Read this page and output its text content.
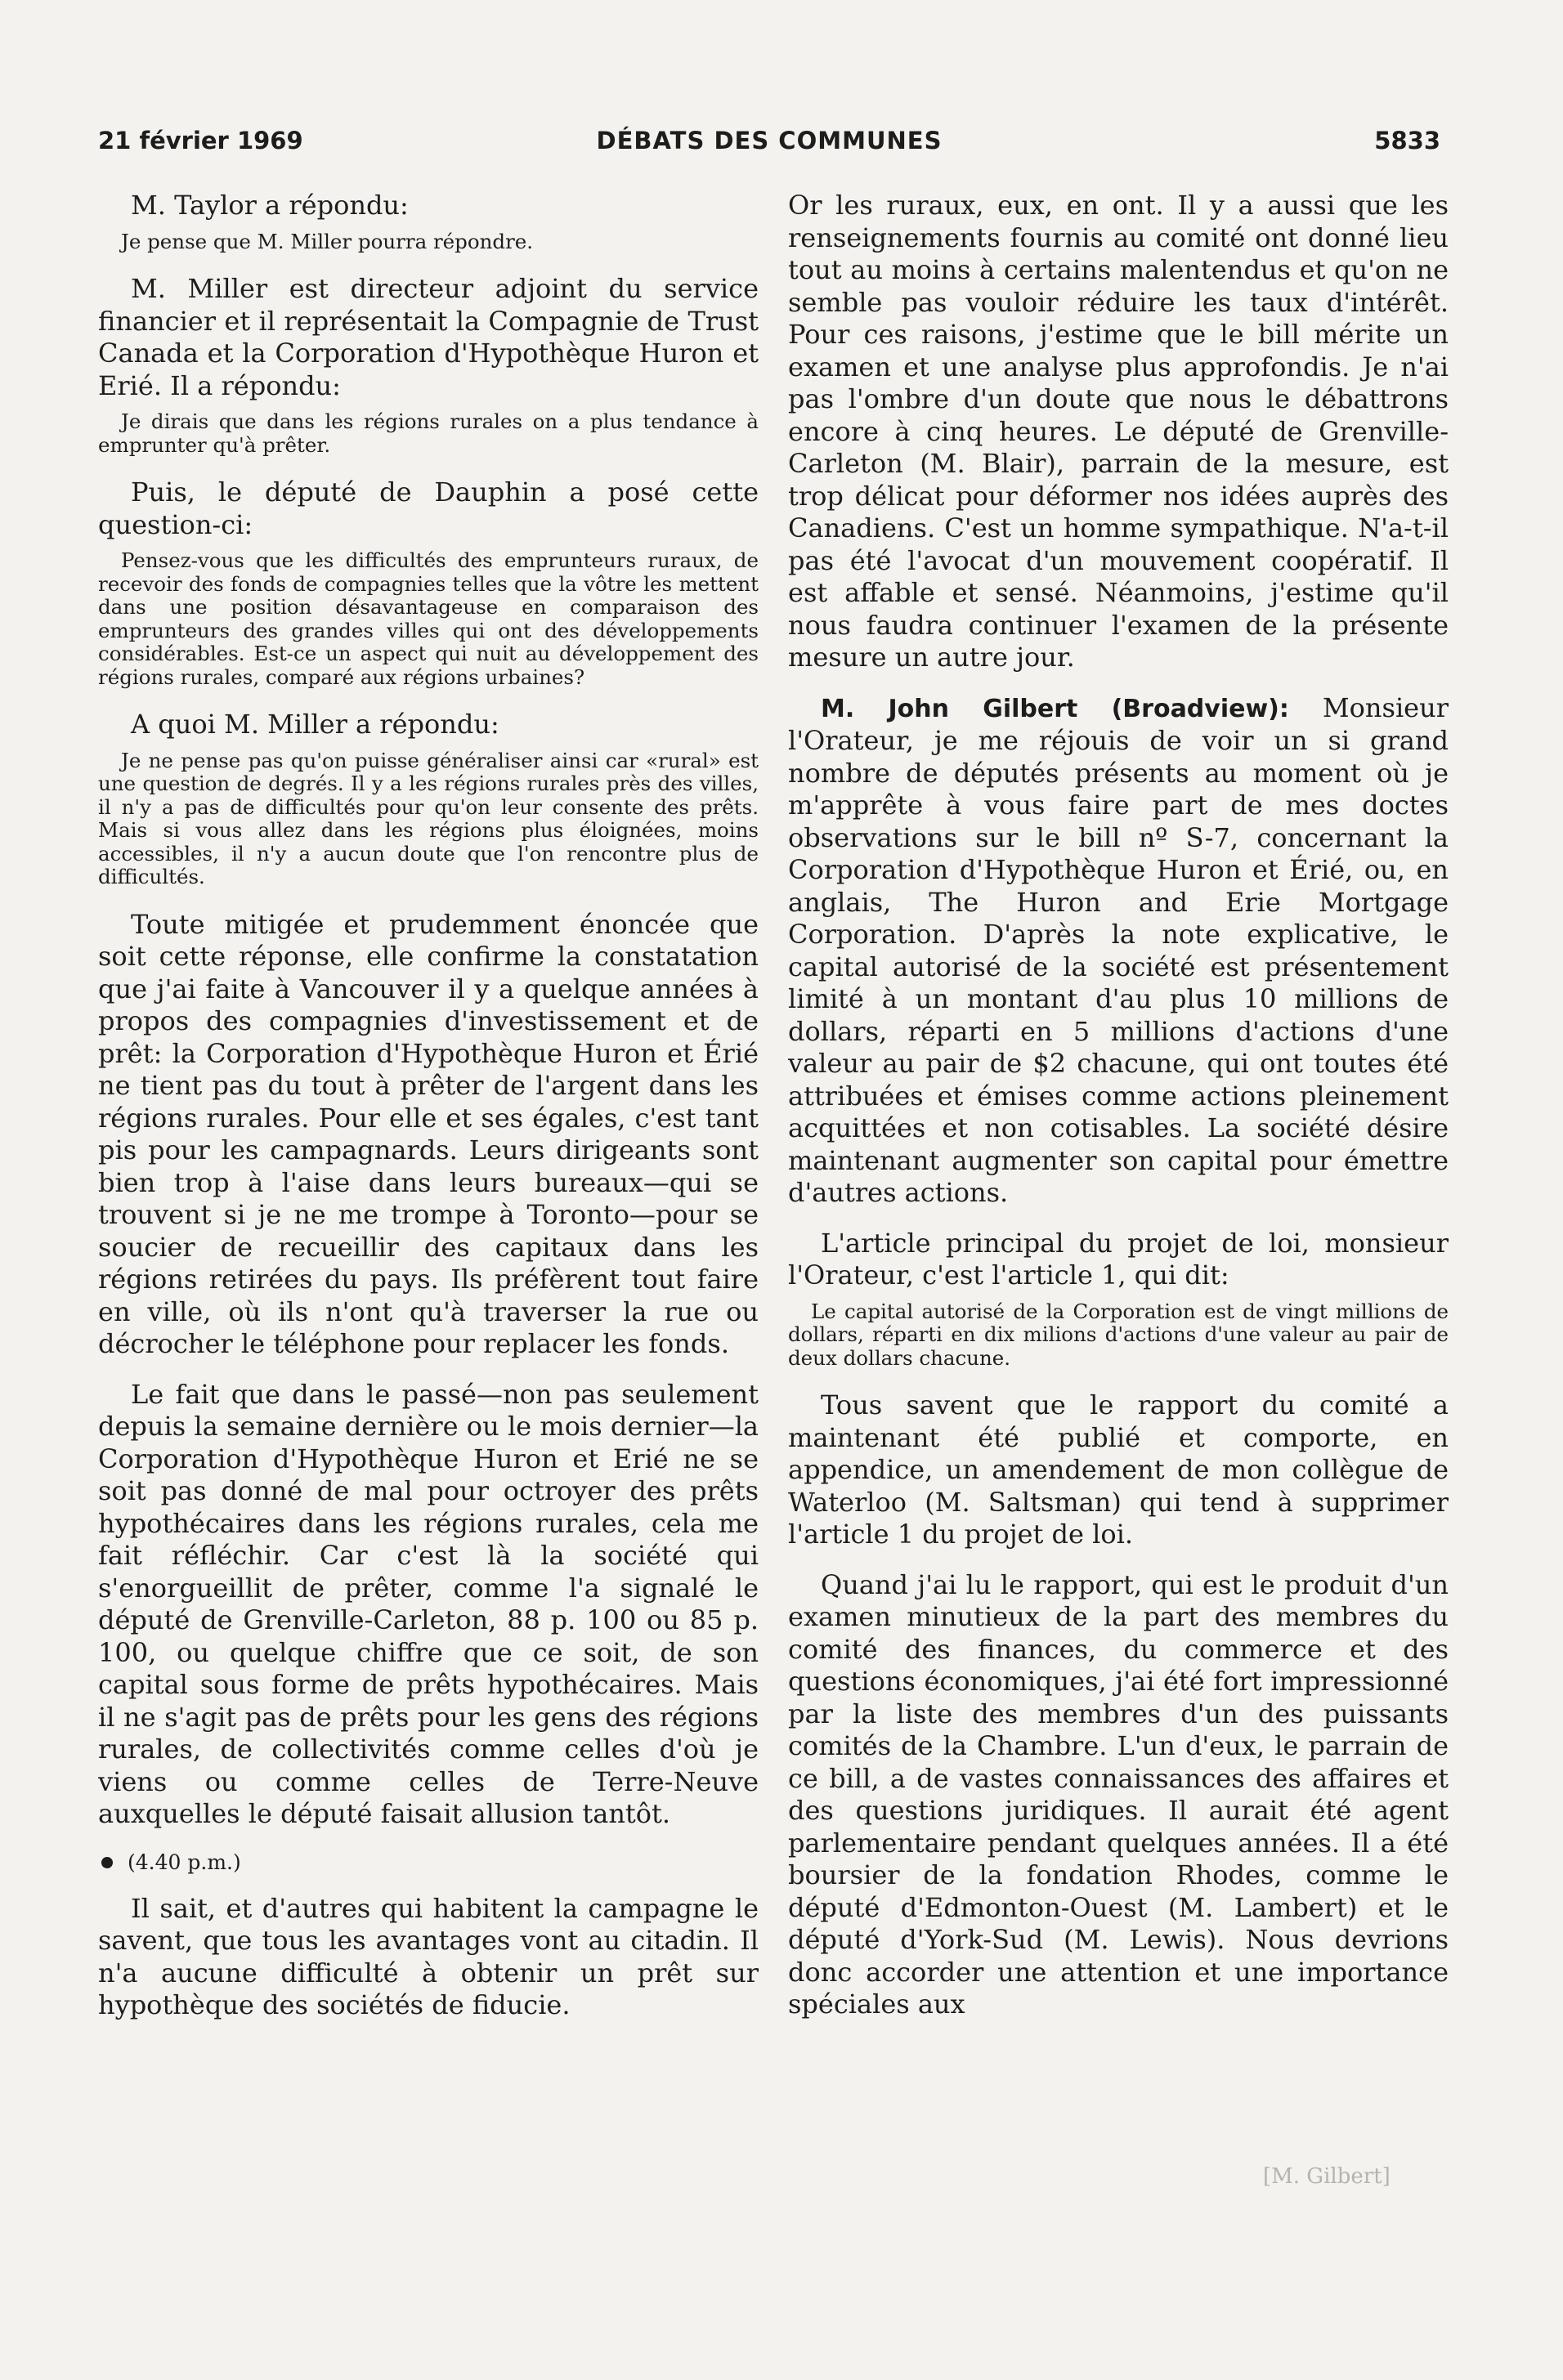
21 février 1969	DÉBATS DES COMMUNES	5833

M. Taylor a répondu:

Je pense que M. Miller pourra répondre.

M. Miller est directeur adjoint du service financier et il représentait la Compagnie de Trust Canada et la Corporation d'Hypothèque Huron et Erié. Il a répondu:

Je dirais que dans les régions rurales on a plus tendance à emprunter qu'à prêter.

Puis, le député de Dauphin a posé cette question-ci:

Pensez-vous que les difficultés des emprunteurs ruraux, de recevoir des fonds de compagnies telles que la vôtre les mettent dans une position désavantageuse en comparaison des emprunteurs des grandes villes qui ont des développements considérables. Est-ce un aspect qui nuit au développement des régions rurales, comparé aux régions urbaines?

A quoi M. Miller a répondu:

Je ne pense pas qu'on puisse généraliser ainsi car «rural» est une question de degrés. Il y a les régions rurales près des villes, il n'y a pas de difficultés pour qu'on leur consente des prêts. Mais si vous allez dans les régions plus éloignées, moins accessibles, il n'y a aucun doute que l'on rencontre plus de difficultés.

Toute mitigée et prudemment énoncée que soit cette réponse, elle confirme la constatation que j'ai faite à Vancouver il y a quelque années à propos des compagnies d'investissement et de prêt: la Corporation d'Hypothèque Huron et Érié ne tient pas du tout à prêter de l'argent dans les régions rurales. Pour elle et ses égales, c'est tant pis pour les campagnards. Leurs dirigeants sont bien trop à l'aise dans leurs bureaux—qui se trouvent si je ne me trompe à Toronto—pour se soucier de recueillir des capitaux dans les régions retirées du pays. Ils préfèrent tout faire en ville, où ils n'ont qu'à traverser la rue ou décrocher le téléphone pour replacer les fonds.

Le fait que dans le passé—non pas seulement depuis la semaine dernière ou le mois dernier—la Corporation d'Hypothèque Huron et Erié ne se soit pas donné de mal pour octroyer des prêts hypothécaires dans les régions rurales, cela me fait réfléchir. Car c'est là la société qui s'enorgueillit de prêter, comme l'a signalé le député de Grenville-Carleton, 88 p. 100 ou 85 p. 100, ou quelque chiffre que ce soit, de son capital sous forme de prêts hypothécaires. Mais il ne s'agit pas de prêts pour les gens des régions rurales, de collectivités comme celles d'où je viens ou comme celles de Terre-Neuve auxquelles le député faisait allusion tantôt.

(4.40 p.m.)

Il sait, et d'autres qui habitent la campagne le savent, que tous les avantages vont au citadin. Il n'a aucune difficulté à obtenir un prêt sur hypothèque des sociétés de fiducie.

Or les ruraux, eux, en ont. Il y a aussi que les renseignements fournis au comité ont donné lieu tout au moins à certains malentendus et qu'on ne semble pas vouloir réduire les taux d'intérêt. Pour ces raisons, j'estime que le bill mérite un examen et une analyse plus approfondis. Je n'ai pas l'ombre d'un doute que nous le débattrons encore à cinq heures. Le député de Grenville-Carleton (M. Blair), parrain de la mesure, est trop délicat pour déformer nos idées auprès des Canadiens. C'est un homme sympathique. N'a-t-il pas été l'avocat d'un mouvement coopératif. Il est affable et sensé. Néanmoins, j'estime qu'il nous faudra continuer l'examen de la présente mesure un autre jour.

M. John Gilbert (Broadview): Monsieur l'Orateur, je me réjouis de voir un si grand nombre de députés présents au moment où je m'apprête à vous faire part de mes doctes observations sur le bill nº S-7, concernant la Corporation d'Hypothèque Huron et Érié, ou, en anglais, The Huron and Erie Mortgage Corporation. D'après la note explicative, le capital autorisé de la société est présentement limité à un montant d'au plus 10 millions de dollars, réparti en 5 millions d'actions d'une valeur au pair de $2 chacune, qui ont toutes été attribuées et émises comme actions pleinement acquittées et non cotisables. La société désire maintenant augmenter son capital pour émettre d'autres actions.

L'article principal du projet de loi, monsieur l'Orateur, c'est l'article 1, qui dit:

Le capital autorisé de la Corporation est de vingt millions de dollars, réparti en dix milions d'actions d'une valeur au pair de deux dollars chacune.

Tous savent que le rapport du comité a maintenant été publié et comporte, en appendice, un amendement de mon collègue de Waterloo (M. Saltsman) qui tend à supprimer l'article 1 du projet de loi.

Quand j'ai lu le rapport, qui est le produit d'un examen minutieux de la part des membres du comité des finances, du commerce et des questions économiques, j'ai été fort impressionné par la liste des membres d'un des puissants comités de la Chambre. L'un d'eux, le parrain de ce bill, a de vastes connaissances des affaires et des questions juridiques. Il aurait été agent parlementaire pendant quelques années. Il a été boursier de la fondation Rhodes, comme le député d'Edmonton-Ouest (M. Lambert) et le député d'York-Sud (M. Lewis). Nous devrions donc accorder une attention et une importance spéciales aux

[M. Gilbert]
